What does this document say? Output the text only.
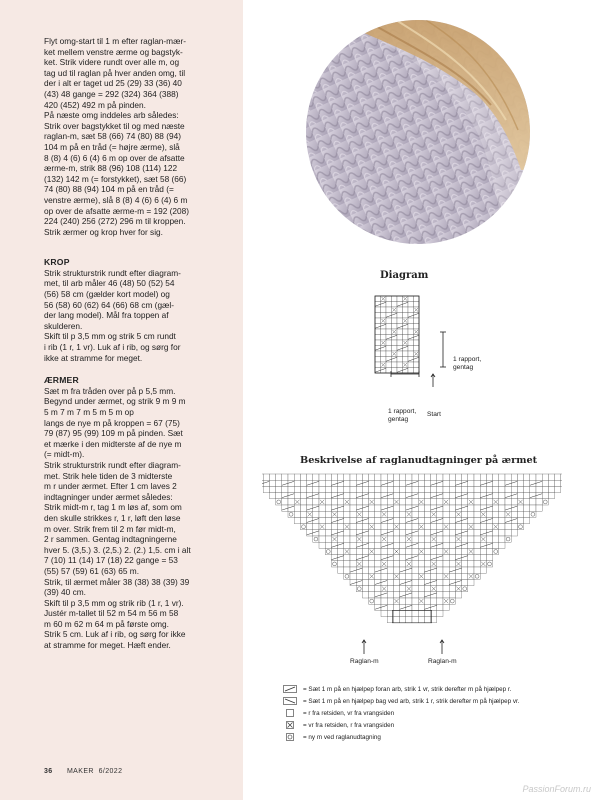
Flyt omg-start til 1 m efter raglan-mær-
ket mellem venstre ærme og bagstyk-
ket. Strik videre rundt over alle m, og
tag ud til raglan på hver anden omg, til
der i alt er taget ud 25 (29) 33 (36) 40
(43) 48 gange = 292 (324) 364 (388)
420 (452) 492 m på pinden.
På næste omg inddeles arb således:
Strik over bagstykket til og med næste
raglan-m, sæt 58 (66) 74 (80) 88 (94)
104 m på en tråd (= højre ærme), slå
8 (8) 4 (6) 6 (4) 6 m op over de afsatte
ærme-m, strik 88 (96) 108 (114) 122
(132) 142 m (= forstykket), sæt 58 (66)
74 (80) 88 (94) 104 m på en tråd (=
venstre ærme), slå 8 (8) 4 (6) 6 (4) 6 m
op over de afsatte ærme-m = 192 (208)
224 (240) 256 (272) 296 m til kroppen.
Strik ærmer og krop hver for sig.

KROP

Strik strukturstrik rundt efter diagram-
met, til arb måler 46 (48) 50 (52) 54
(56) 58 cm (gælder kort model) og
56 (58) 60 (62) 64 (66) 68 cm (gæl-
der lang model). Mål fra toppen af
skulderen.
Skift til p 3,5 mm og strik 5 cm rundt
i rib (1 r, 1 vr). Luk af i rib, og sørg for
ikke at stramme for meget.

ÆRMER

Sæt m fra tråden over på p 5,5 mm.
Begynd under ærmet, og strik 9 m 9 m
5 m 7 m 7 m 5 m 5 m op
langs de nye m på kroppen = 67 (75)
79 (87) 95 (99) 109 m på pinden. Sæt
et mærke i den midterste af de nye m
(= midt-m).
Strik strukturstrik rundt efter diagram-
met. Strik hele tiden de 3 midterste
m r under ærmet. Efter 1 cm laves 2
indtagninger under ærmet således:
Strik midt-m r, tag 1 m løs af, som om
den skulle strikkes r, 1 r, løft den løse
m over. Strik frem til 2 m før midt-m,
2 r sammen. Gentag indtagningerne
hver 5. (3,5.) 3. (2,5.) 2. (2.) 1,5. cm i alt
7 (10) 11 (14) 17 (18) 22 gange = 53
(55) 57 (59) 61 (63) 65 m.
Strik, til ærmet måler 38 (38) 38 (39) 39
(39) 40 cm.
Skift til p 3,5 mm og strik rib (1 r, 1 vr).
Justér m-tallet til 52 m 54 m 56 m 58
m 60 m 62 m 64 m på første omg.
Strik 5 cm. Luk af i rib, og sørg for ikke
at stramme for meget. Hæft ender.

Diagram
1 rapport,
gentag
1 rapport,
gentag
Start
Beskrivelse af raglanudtagninger på ærmet
Raglan-m	Raglan-m
= Sæt 1 m på en hjælpep foran arb, strik 1 vr, strik derefter m på hjælpep r.
= Sæt 1 m på en hjælpep bag ved arb, strik 1 r, strik derefter m på hjælpep vr.
= r fra retsiden, vr fra vrangsiden
= vr fra retsiden, r fra vrangsiden
= ny m ved raglanudtagning
36 MAKER 6/2022
PassionForum.ru
